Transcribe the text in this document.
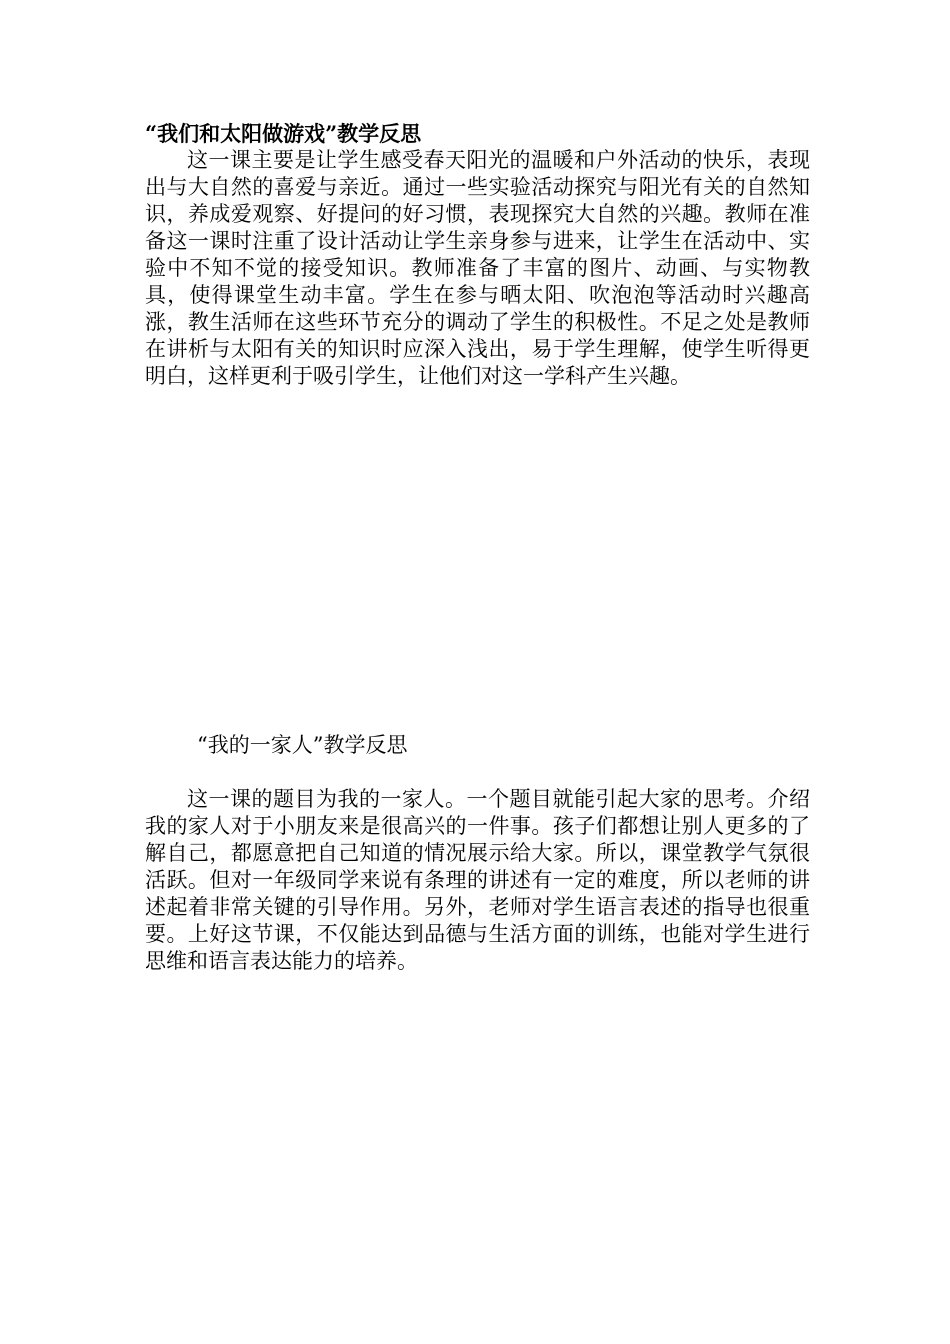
“我们和太阳做游戏”教学反思

这一课主要是让学生感受春天阳光的温暖和户外活动的快乐，表现出与大自然的喜爱与亲近。通过一些实验活动探究与阳光有关的自然知识，养成爱观察、好提问的好习惯，表现探究大自然的兴趣。教师在准备这一课时注重了设计活动让学生亲身参与进来，让学生在活动中、实验中不知不觉的接受知识。教师准备了丰富的图片、动画、与实物教具，使得课堂生动丰富。学生在参与晒太阳、吹泡泡等活动时兴趣高涨，教生活师在这些环节充分的调动了学生的积极性。不足之处是教师在讲析与太阳有关的知识时应深入浅出，易于学生理解，使学生听得更明白，这样更利于吸引学生，让他们对这一学科产生兴趣。

“我的一家人”教学反思

这一课的题目为我的一家人。一个题目就能引起大家的思考。介绍我的家人对于小朋友来是很高兴的一件事。孩子们都想让别人更多的了解自己，都愿意把自己知道的情况展示给大家。所以，课堂教学气氛很活跃。但对一年级同学来说有条理的讲述有一定的难度，所以老师的讲述起着非常关键的引导作用。另外，老师对学生语言表述的指导也很重要。上好这节课，不仅能达到品德与生活方面的训练，也能对学生进行思维和语言表达能力的培养。
